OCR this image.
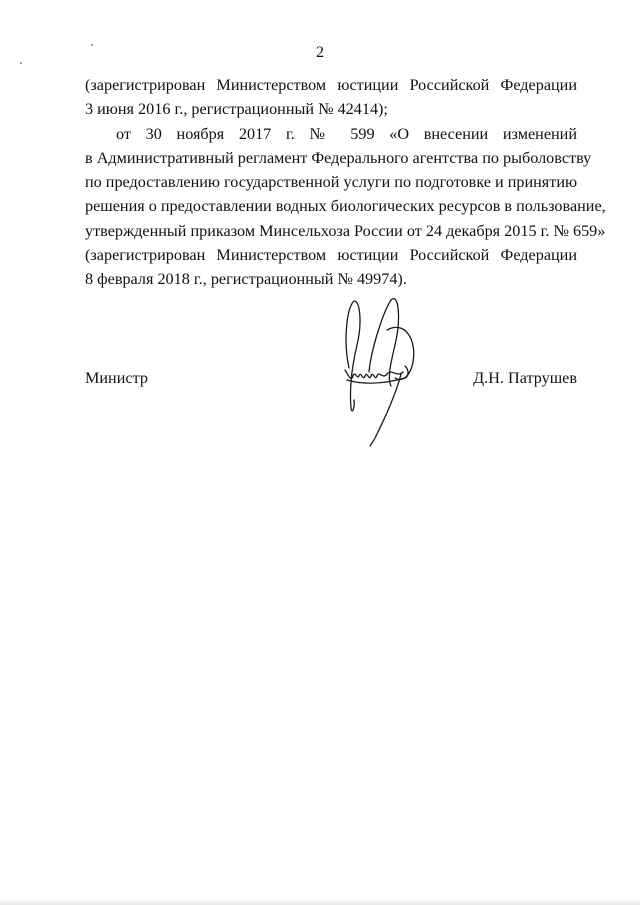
2

(зарегистрирован Министерством юстиции Российской Федерации
3 июня 2016 г., регистрационный № 42414);

от 30 ноября 2017 г. № 599 «О внесении изменений
в Административный регламент Федерального агентства по рыболовству
по предоставлению государственной услуги по подготовке и принятию
решения о предоставлении водных биологических ресурсов в пользование,
утвержденный приказом Минсельхоза России от 24 декабря 2015 г. № 659»
(зарегистрирован Министерством юстиции Российской Федерации
8 февраля 2018 г., регистрационный № 49974).

Министр	Д.Н. Патрушев
